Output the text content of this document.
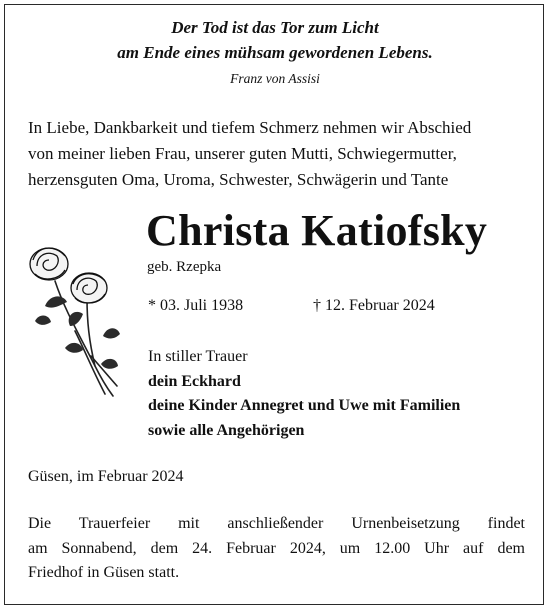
Der Tod ist das Tor zum Licht
am Ende eines mühsam gewordenen Lebens.
Franz von Assisi

In Liebe, Dankbarkeit und tiefem Schmerz nehmen wir Abschied
von meiner lieben Frau, unserer guten Mutti, Schwiegermutter,
herzensguten Oma, Uroma, Schwester, Schwägerin und Tante

Christa Katiofsky
geb. Rzepka
* 03. Juli 1938	† 12. Februar 2024
In stiller Trauer
dein Eckhard
deine Kinder Annegret und Uwe mit Familien
sowie alle Angehörigen
Güsen, im Februar 2024

Die Trauerfeier mit anschließender Urnenbeisetzung findet
am Sonnabend, dem 24. Februar 2024, um 12.00 Uhr auf dem
Friedhof in Güsen statt.
